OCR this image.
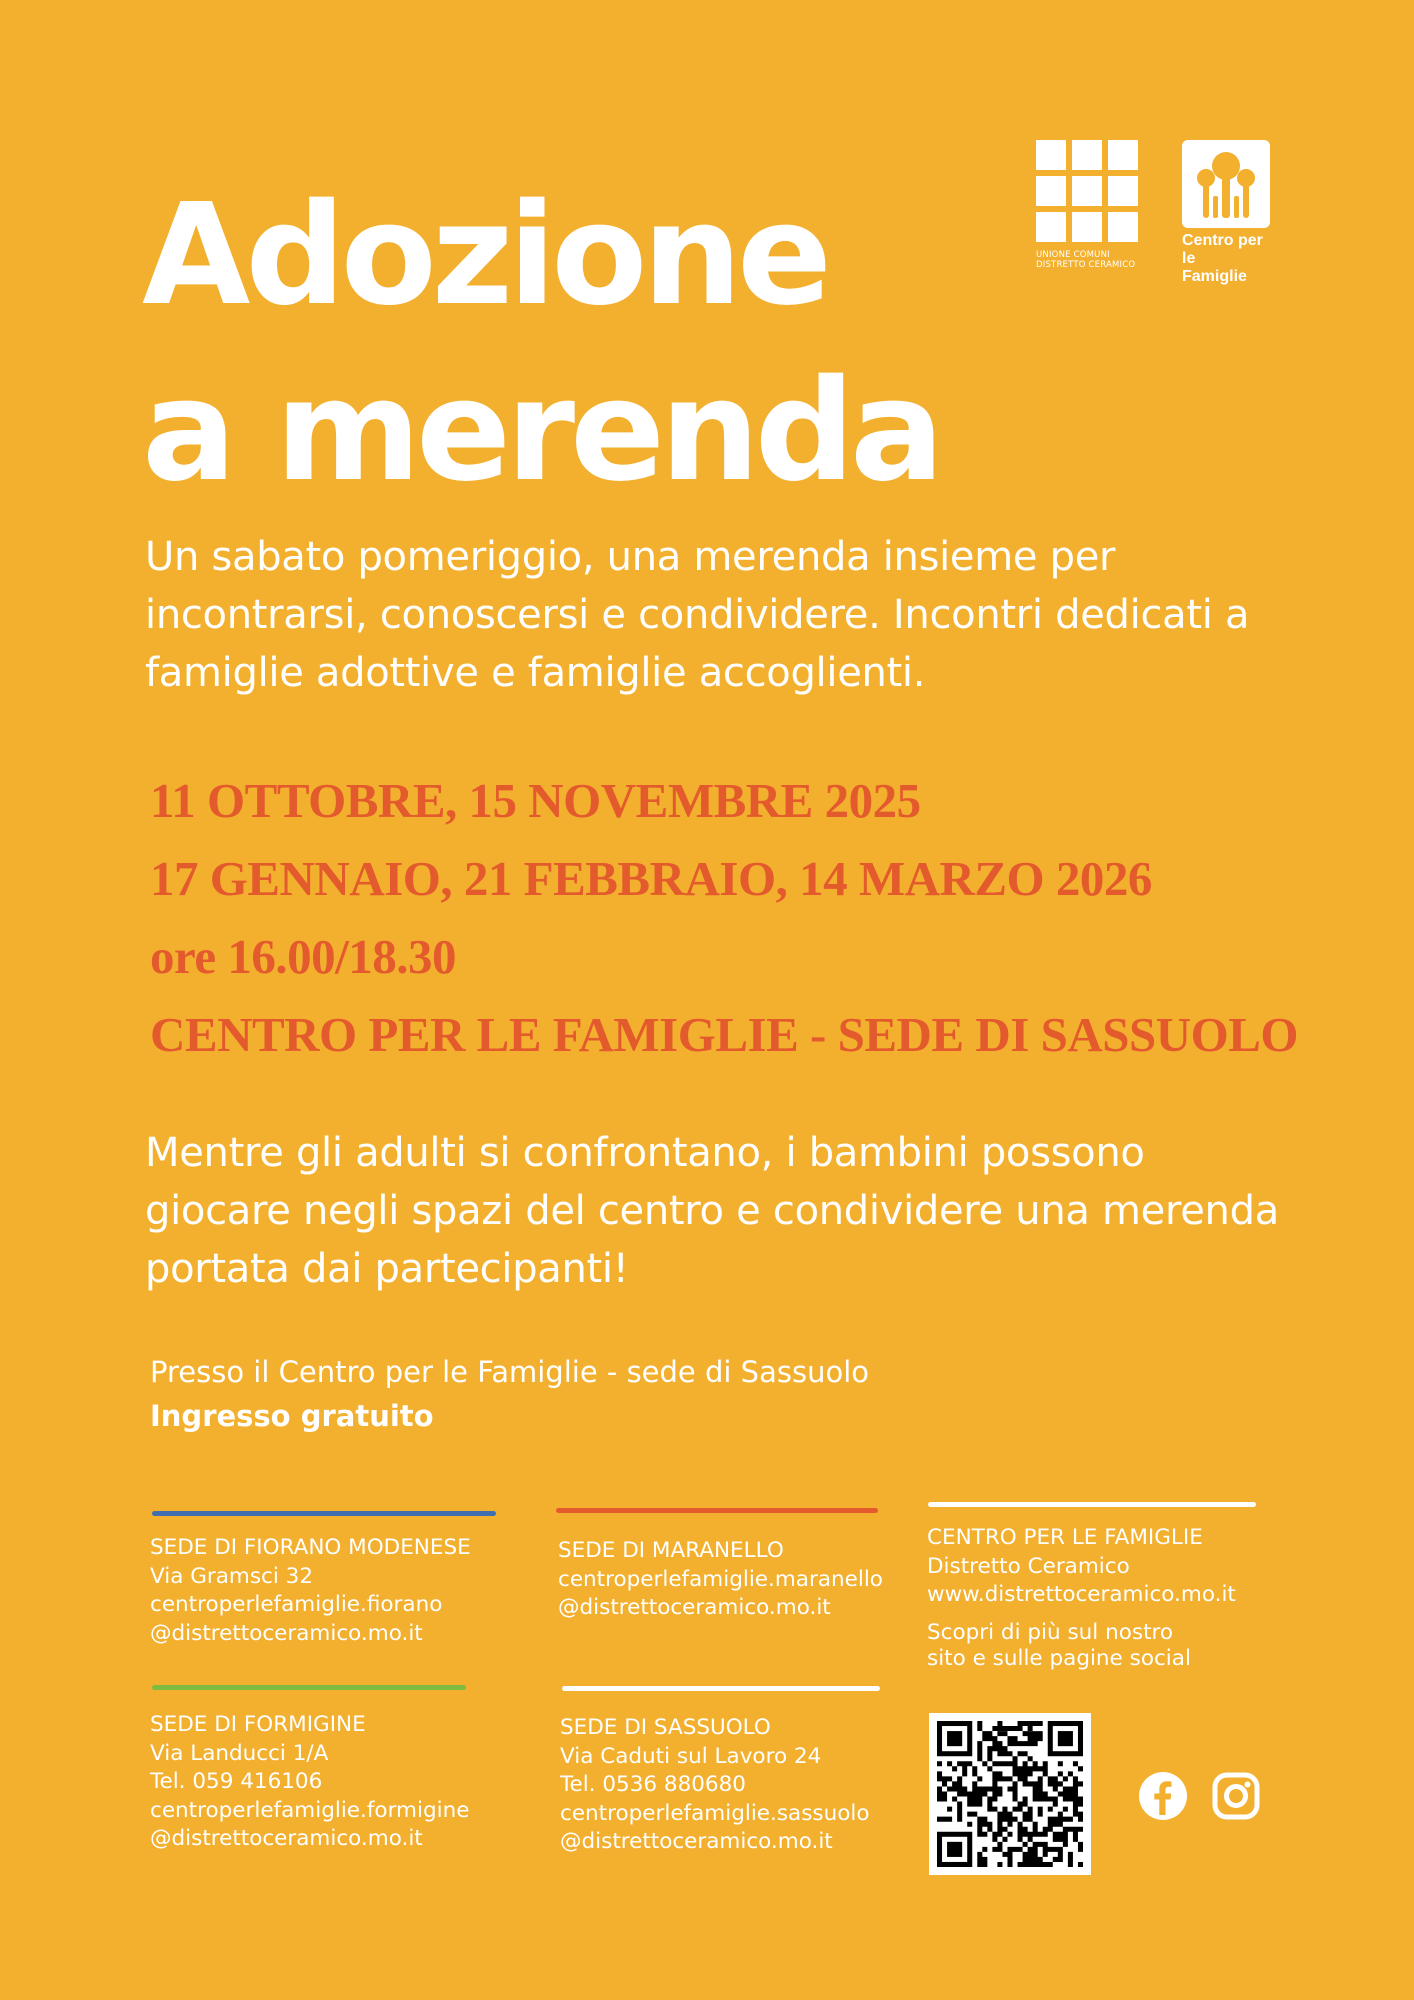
UNIONE COMUNI
DISTRETTO CERAMICO
Centro per le
Famiglie
Adozione
a merenda
Un sabato pomeriggio, una merenda insieme per incontrarsi, conoscersi e condividere. Incontri dedicati a famiglie adottive e famiglie accoglienti.
11 OTTOBRE, 15 NOVEMBRE 2025
17 GENNAIO, 21 FEBBRAIO, 14 MARZO 2026
ore 16.00/18.30
CENTRO PER LE FAMIGLIE - SEDE DI SASSUOLO
Mentre gli adulti si confrontano, i bambini possono giocare negli spazi del centro e condividere una merenda portata dai partecipanti!
Presso il Centro per le Famiglie - sede di Sassuolo
Ingresso gratuito
SEDE DI FIORANO MODENESE
Via Gramsci 32
centroperlefamiglie.fiorano
@distrettoceramico.mo.it
SEDE DI MARANELLO
centroperlefamiglie.maranello
@distrettoceramico.mo.it
CENTRO PER LE FAMIGLIE
Distretto Ceramico
www.distrettoceramico.mo.it
Scopri di più sul nostro
sito e sulle pagine social
SEDE DI FORMIGINE
Via Landucci 1/A
Tel. 059 416106
centroperlefamiglie.formigine
@distrettoceramico.mo.it
SEDE DI SASSUOLO
Via Caduti sul Lavoro 24
Tel. 0536 880680
centroperlefamiglie.sassuolo
@distrettoceramico.mo.it
